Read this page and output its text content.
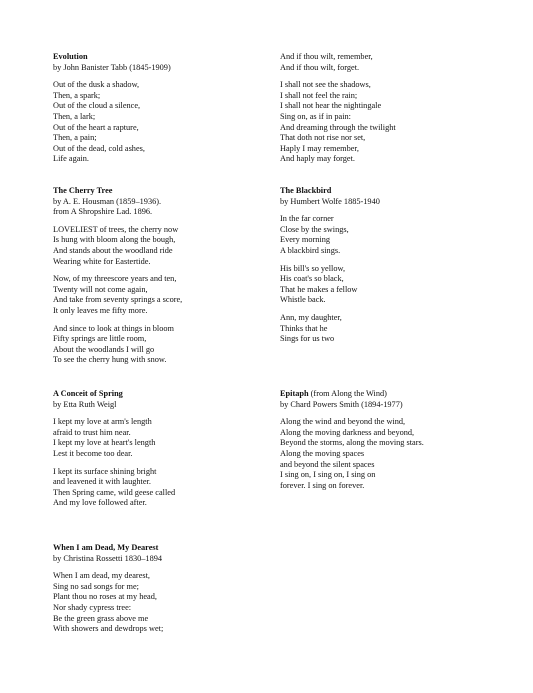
Evolution
by John Banister Tabb (1845-1909)
Out of the dusk a shadow,
Then, a spark;
Out of the cloud a silence,
Then, a lark;
Out of the heart a rapture,
Then, a pain;
Out of the dead, cold ashes,
Life again.
The Cherry Tree
by A. E. Housman (1859–1936).
from A Shropshire Lad. 1896.
LOVELIEST of trees, the cherry now
Is hung with bloom along the bough,
And stands about the woodland ride
Wearing white for Eastertide.
Now, of my threescore years and ten,
Twenty will not come again,
And take from seventy springs a score,
It only leaves me fifty more.
And since to look at things in bloom
Fifty springs are little room,
About the woodlands I will go
To see the cherry hung with snow.
A Conceit of Spring
by Etta Ruth Weigl
I kept my love at arm's length
afraid to trust him near.
I kept my love at heart's length
Lest it become too dear.
I kept its surface shining bright
and leavened it with laughter.
Then Spring came, wild geese called
And my love followed after.
When I am Dead, My Dearest
by Christina Rossetti 1830–1894
When I am dead, my dearest,
Sing no sad songs for me;
Plant thou no roses at my head,
Nor shady cypress tree:
Be the green grass above me
With showers and dewdrops wet;
And if thou wilt, remember,
And if thou wilt, forget.
I shall not see the shadows,
I shall not feel the rain;
I shall not hear the nightingale
Sing on, as if in pain:
And dreaming through the twilight
That doth not rise nor set,
Haply I may remember,
And haply may forget.
The Blackbird
by Humbert Wolfe 1885-1940
In the far corner
Close by the swings,
Every morning
A blackbird sings.
His bill's so yellow,
His coat's so black,
That he makes a fellow
Whistle back.
Ann, my daughter,
Thinks that he
Sings for us two
Epitaph (from Along the Wind)
by Chard Powers Smith (1894-1977)
Along the wind and beyond the wind,
Along the moving darkness and beyond,
Beyond the storms, along the moving stars.
Along the moving spaces
and beyond the silent spaces
I sing on, I sing on, I sing on
forever. I sing on forever.
